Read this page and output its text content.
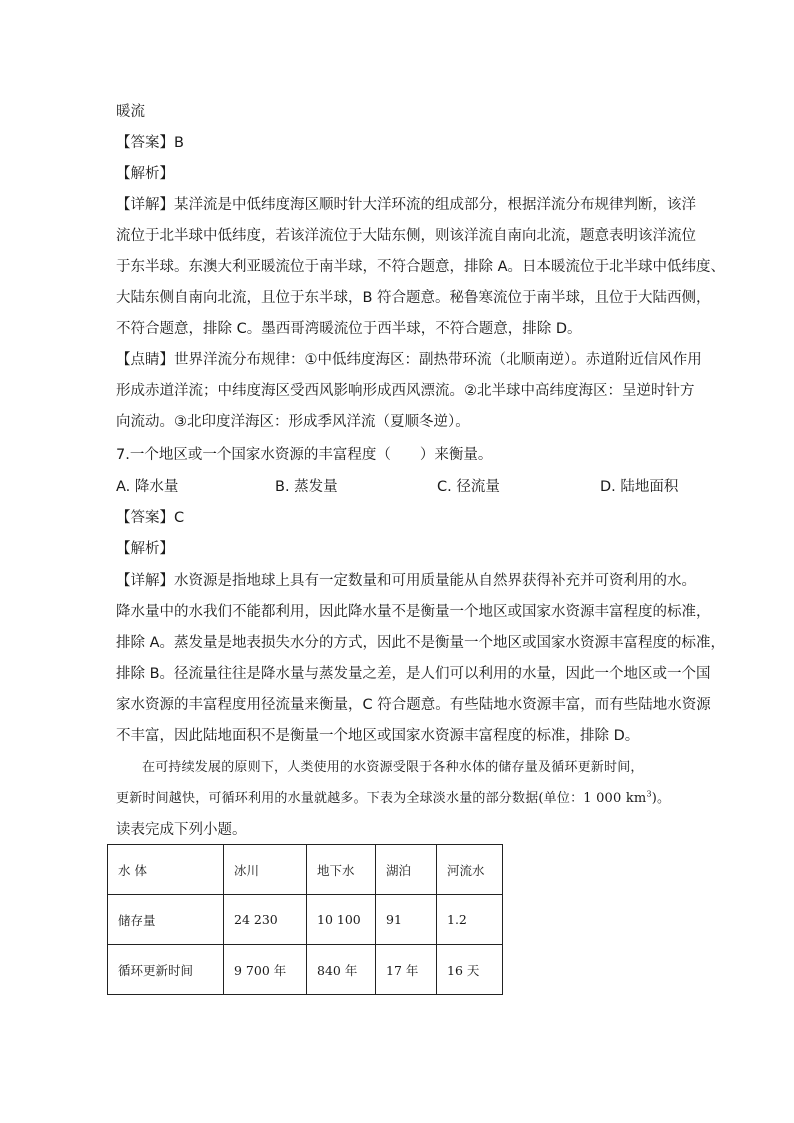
暖流
【答案】B
【解析】
【详解】某洋流是中低纬度海区顺时针大洋环流的组成部分，根据洋流分布规律判断，该洋
流位于北半球中低纬度，若该洋流位于大陆东侧，则该洋流自南向北流，题意表明该洋流位
于东半球。东澳大利亚暖流位于南半球，不符合题意，排除 A。日本暖流位于北半球中低纬度、
大陆东侧自南向北流，且位于东半球，B 符合题意。秘鲁寒流位于南半球，且位于大陆西侧，
不符合题意，排除 C。墨西哥湾暖流位于西半球，不符合题意，排除 D。
【点睛】世界洋流分布规律：①中低纬度海区：副热带环流（北顺南逆）。赤道附近信风作用
形成赤道洋流；中纬度海区受西风影响形成西风漂流。②北半球中高纬度海区：呈逆时针方
向流动。③北印度洋海区：形成季风洋流（夏顺冬逆）。
7.一个地区或一个国家水资源的丰富程度（　　）来衡量。
A. 降水量	B. 蒸发量	C. 径流量	D. 陆地面积
【答案】C
【解析】
【详解】水资源是指地球上具有一定数量和可用质量能从自然界获得补充并可资利用的水。
降水量中的水我们不能都利用，因此降水量不是衡量一个地区或国家水资源丰富程度的标准，
排除 A。蒸发量是地表损失水分的方式，因此不是衡量一个地区或国家水资源丰富程度的标准，
排除 B。径流量往往是降水量与蒸发量之差，是人们可以利用的水量，因此一个地区或一个国
家水资源的丰富程度用径流量来衡量，C 符合题意。有些陆地水资源丰富，而有些陆地水资源
不丰富，因此陆地面积不是衡量一个地区或国家水资源丰富程度的标准，排除 D。
在可持续发展的原则下，人类使用的水资源受限于各种水体的储存量及循环更新时间，
更新时间越快，可循环利用的水量就越多。下表为全球淡水量的部分数据(单位：1 000 $km^3$)。
读表完成下列小题。
水 体	冰川	地下水	湖泊	河流水
储存量	24 230	10 100	91	1.2
循环更新时间	9 700 年	840 年	17 年	16 天
